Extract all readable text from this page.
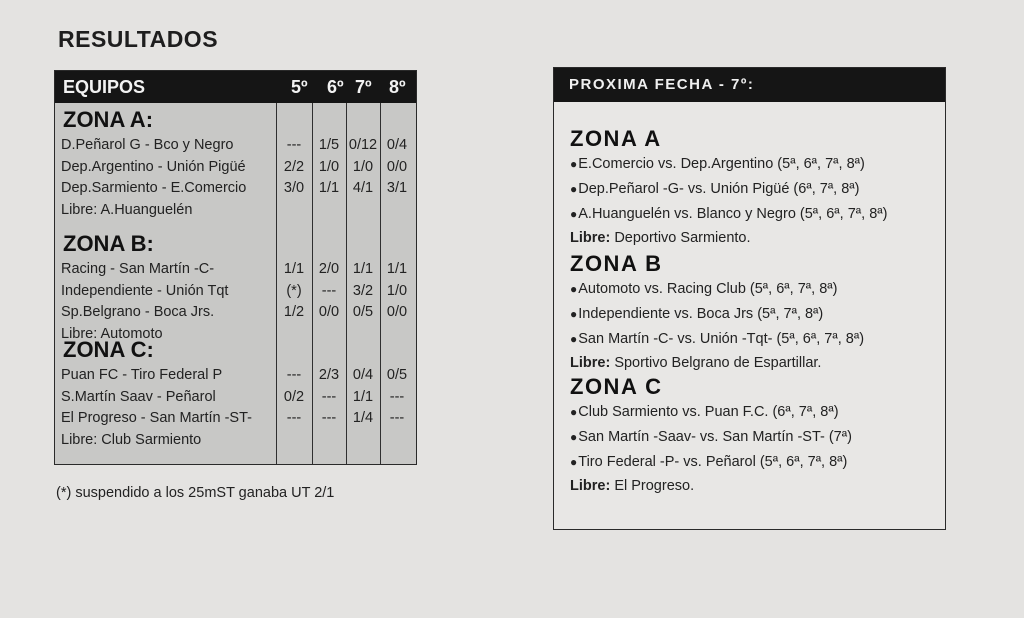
RESULTADOS
EQUIPOS	5º 6º 7º 8º
ZONA A:
D.Peñarol G - Bco y Negro	---	1/5 0/12 0/4
Dep.Argentino - Unión Pigüé	2/2	1/0 1/0 0/0
Dep.Sarmiento - E.Comercio	3/0	1/1 4/1 3/1
Libre: A.Huanguelén
ZONA B:
Racing - San Martín -C-	1/1	2/0 1/1 1/1
Independiente - Unión Tqt	(*)	---	3/2 1/0
Sp.Belgrano - Boca Jrs.	1/2	0/0 0/5 0/0
Libre: Automoto
ZONA C:
Puan FC - Tiro Federal P	---	2/3 0/4 0/5
S.Martín Saav - Peñarol	0/2	---	1/1	---
El Progreso - San Martín -ST-	---	---	1/4	---
Libre: Club Sarmiento
(*) suspendido a los 25mST ganaba UT 2/1
PROXIMA FECHA - 7º:
ZONA A
●E.Comercio vs. Dep.Argentino (5ª, 6ª, 7ª, 8ª)
●Dep.Peñarol -G- vs. Unión Pigüé (6ª, 7ª, 8ª)
●A.Huanguelén vs. Blanco y Negro (5ª, 6ª, 7ª, 8ª)
Libre: Deportivo Sarmiento.
ZONA B
●Automoto vs. Racing Club (5ª, 6ª, 7ª, 8ª)
●Independiente vs. Boca Jrs (5ª, 7ª, 8ª)
●San Martín -C- vs. Unión -Tqt- (5ª, 6ª, 7ª, 8ª)
Libre: Sportivo Belgrano de Espartillar.
ZONA C
●Club Sarmiento vs. Puan F.C. (6ª, 7ª, 8ª)
●San Martín -Saav- vs. San Martín -ST- (7ª)
●Tiro Federal -P- vs. Peñarol (5ª, 6ª, 7ª, 8ª)
Libre: El Progreso.
